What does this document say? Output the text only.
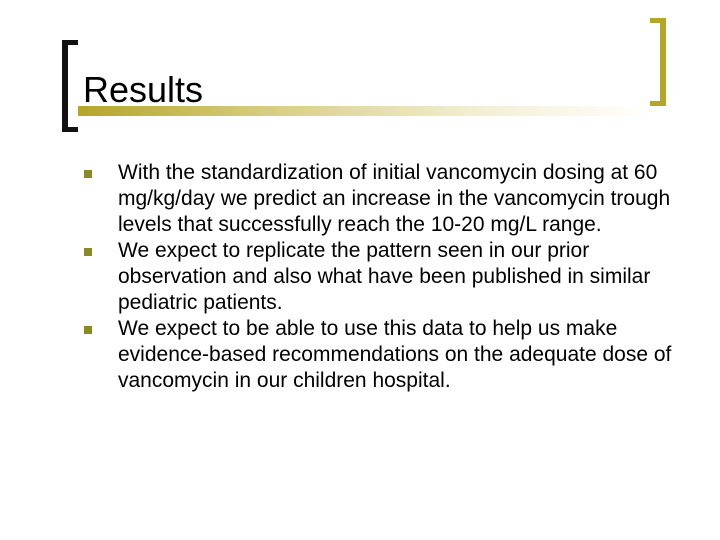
Results
With the standardization of initial vancomycin dosing at 60 mg/kg/day we predict an increase in the vancomycin trough levels that successfully reach the 10-20 mg/L range.
We expect to replicate the pattern seen in our prior observation and also what have been published in similar pediatric patients.
We expect to be able to use this data to help us make evidence-based recommendations on the adequate dose of vancomycin in our children hospital.
